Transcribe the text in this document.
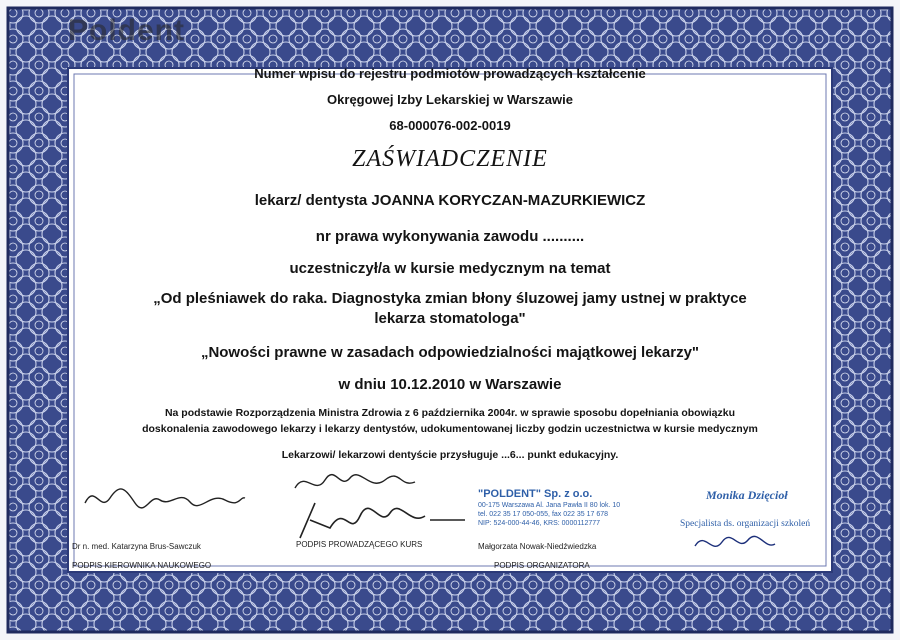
Poldent
Numer wpisu do rejestru podmiotów prowadzących kształcenie
Okręgowej Izby Lekarskiej w Warszawie
68-000076-002-0019
ZAŚWIADCZENIE
lekarz/ dentysta JOANNA KORYCZAN-MAZURKIEWICZ
nr prawa wykonywania zawodu ..........
uczestniczył/a w kursie medycznym na temat
„Od pleśniawek do raka. Diagnostyka zmian błony śluzowej jamy ustnej w praktyce
lekarza stomatologa"
„Nowości prawne w zasadach odpowiedzialności majątkowej lekarzy"
w dniu 10.12.2010 w Warszawie
Na podstawie Rozporządzenia Ministra Zdrowia z 6 października 2004r. w sprawie sposobu dopełniania obowiązku
doskonalenia zawodowego lekarzy i lekarzy dentystów, udokumentowanej liczby godzin uczestnictwa w kursie medycznym
Lekarzowi/ lekarzowi dentyście przysługuje ...6... punkt edukacyjny.
Dr n. med. Katarzyna Brus-Sawczuk
PODPIS KIEROWNIKA NAUKOWEGO
PODPIS PROWADZĄCEGO KURS	Małgorzata Nowak-Niedźwiedzka
PODPIS ORGANIZATORA
"POLDENT" Sp. z o.o.
00-175 Warszawa Al. Jana Pawła II 80 lok. 10
tel. 022 35 17 050-055, fax 022 35 17 678
NIP: 524-000-44-46, KRS: 0000112777
Monika Dzięcioł
Specjalista ds. organizacji szkoleń
